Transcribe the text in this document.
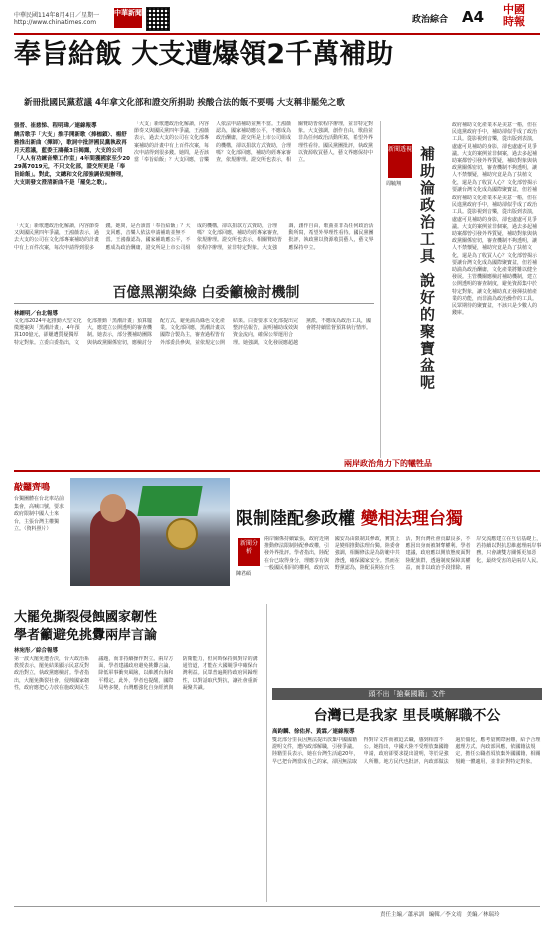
中華民國114年8月4日／星期一
http://www.chinatimes.com
中華新聞
政治綜合 A4 中國時報
奉旨給飯 大支遭爆領2千萬補助
新冊批國民黨惹議 4年拿文化部和證交所捐助 挨酸合法的飯不要嗎 大支稱非罷免之歌
張晉、崔慈悌、程明瑋／連線報導
饒舌歌手「大支」推手開新歌〈捧枷鎖〉、楊舒雅推出新曲〈揮師〉，歌詞中批評國民黨執政再月天惹議，藍委王鴻薇3日揭露，大支的公司「人人有功練音樂工作室」4年間獲國家至少2029萬7019元，不只文化部，證交所更是「奉旨給飯」。對此，文總和文化部強調依規辦理，大支則發文澄清新曲不是「罷免之歌」。
「大支」新歌遭政治化解讀，內容節奏又與國民黨四年爭議，王鴻薇表示，過去大支的公司在文化部專案補助的計畫中有上百件次案，每次申請得到很多錢。她問，是否該當「奉旨給飯」？大支回應，音樂人依法申請補助並無不當。王鴻薇認為，國家補助應公平，不應成為政治酬庸，證交所是上市公司組成的機構，卻以捐款方式資助，合理嗎？文化部回應，補助均經專家審查，依規辦理。證交所也表示，相關贊助皆依程序辦理，並非特定對象。大支強調，創作自由，歌曲並非為任何政治活動所寫，希望外界理性看待。國民黨團批評，執政黨以資源收買藝人，藝文界應保持中立。
「大支」新歌遭政治化解讀，內容節奏又與國民黨四年爭議，王鴻薇表示，過去大支的公司在文化部專案補助的計畫中有上百件次案，每次申請得到很多錢。她問，是否該當「奉旨給飯」？大支回應，音樂人依法申請補助並無不當。王鴻薇認為，國家補助應公平，不應成為政治酬庸，證交所是上市公司組成的機構，卻以捐款方式資助，合理嗎？文化部回應，補助均經專家審查，依規辦理。證交所也表示，相關贊助皆依程序辦理，並非特定對象。大支強調，創作自由，歌曲並非為任何政治活動所寫，希望外界理性看待。國民黨團批評，執政黨以資源收買藝人，藝文界應保持中立。
百億黑潮染綠 白委籲檢討機制
林縉明／台北報導
文化部2024年起推動大型文化徵選案與「黑潮計畫」，4年預算100億元，卻屢遭質疑獨厚特定對象。立委白委指出，文化部推動「黑潮計畫」預算龐大，應建立公開透明的審查機制。她表示，部分獲補助團隊與執政黨關係密切，應檢討分配方式，避免淪為綠色文化產業。文化部回應，黑潮計畫以國際合製為主，審查過程皆有外部委員參與，並依規定公開結果。白委要求文化部提出完整評估報告，說明補助成效與資金流向，確保公帑運用合理。她強調，文化發展應超越黨派，不應成為政治工具，國會將持續監督預算執行情形。
政府補助文化產業本是美意一樁，但在民進黨政府手中，補助卻似乎成了政治工具。從影視到音樂，從出版到表演，處處可見補助的身影，卻也處處可見爭議。大支的案例並非個案，過去多起補助案都曾引發外界質疑，補助對象與執政黨關係密切，審查機制不夠透明，讓人不禁懷疑，補助究竟是為了扶植文化，還是為了收買人心？文化部曾揭示要讓台灣文化成為國際聚寶盆，但若補
新聞透視
周毓翔	補助淪政治工具 說好的聚寶盆呢	政府補助文化產業本是美意一樁，但在民進黨政府手中，補助卻似乎成了政治工具。從影視到音樂，從出版到表演，處處可見補助的身影，卻也處處可見爭議。大支的案例並非個案，過去多起補助案都曾引發外界質疑，補助對象與執政黨關係密切，審查機制不夠透明，讓人不禁懷疑，補助究竟是為了扶植文化，還是為了收買人心？文化部曾揭示要讓台灣文化成為國際聚寶盆，但若補助淪為政治酬庸，文化產業將難以健全發展。主管機關應檢討補助機制，建立公開透明的審查制度，避免資源集中於特定對象，讓文化補助真正發揮扶植產業的功能，而非淪為政治操作的工具。民眾期待的聚寶盆，不該只是少數人的錢庫。
兩岸政治角力下的犧牲品
敲鑼齊鳴
台獨團體在台北車站前集會，高喊口號，要求政府限制中國人士來台，主張台灣主權獨立。（資料照片）	限制陸配參政權 變相法理台獨
新聞分析
陳君碩
兩岸關係持續緊張，政府近期推動修法限制陸配參政權，引發外界批評。學者指出，陸配在台已取得身分，理應享有與一般國民相同的權利，政府以國安為由限制其參政，實質上是變相推動法理台獨。陸委會強調，相關修法是為防範中共滲透，確保國家安全。然而在野黨認為，陸配長期在台生活，對台灣社會貢獻良多，不應因出身而被剝奪權利。學者建議，政府應以開放態度面對陸配族群，透過制度保障其權益，而非以政治手段排除。兩岸交流應建立在互信基礎上，若持續以對抗思維處理兩岸事務，只會讓雙方關係更加惡化，最終受害的是兩岸人民。
大罷免撕裂侵蝕國家韌性
學者籲避免挑釁兩岸言論
林宛彤／綜合報導
第一波大罷免遭否決，台大政治系教授表示，罷免結果顯示民意反對政治對立，執政黨應檢討。學者指出，大罷免撕裂社會，侵蝕國家韌性，政府應把心力放在施政與民生議題，而非持續操作對立。兩岸方面，學者建議政府避免挑釁言論，降低軍事衝突風險，以維護台海和平穩定。此外，學者也提醒，國際局勢多變，台灣應強化自身經濟與防衛能力，但同時保持與對岸的溝通管道，才能在大國競爭中確保台灣利益。民眾普遍期待政府回歸理性，以對話取代對抗，讓社會重新凝聚共識。
頭不出「搶棄國籍」文件
台灣已是我家 里長嘆解職不公
高鈞麟、徐佑昇、黃霖／連線報導
雙北部分里長因無法提出放棄中國國籍證明文件，遭內政部解職，引發爭議。陸籍里長表示，她在台灣生活逾20年，早已把台灣當成自己的家，卻因無法取得對岸文件而被迫去職，感到相當不公。她指出，中國大陸不受理放棄國籍申請，政府卻要求提出證明，等於是強人所難。地方民代也批評，內政部做法過於僵化，應考量實際困難，給予合理處理方式。內政部回應，依國籍法規定，擔任公職者須放棄外國國籍，相關規範一體適用，並非針對特定對象。
責任主編／蕭承訓 編輯／李文靖 美編／林瑞玲
